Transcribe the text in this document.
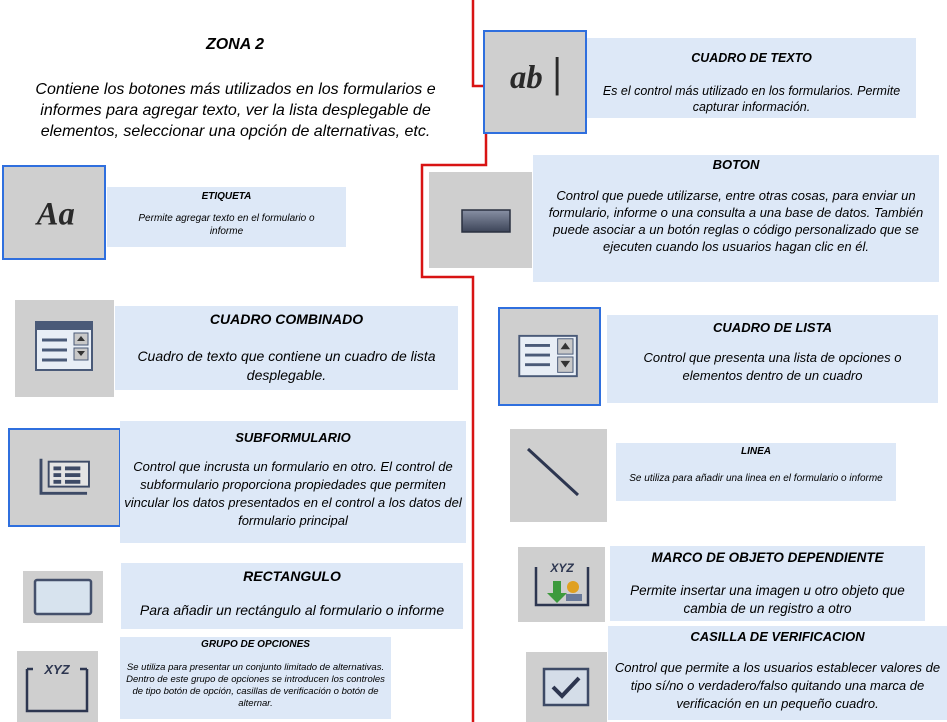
ZONA 2
Contiene los botones más utilizados en los formularios e informes para agregar texto, ver la lista desplegable de elementos, seleccionar una opción de alternativas, etc.
Aa	ETIQUETA
Permite agregar texto en el formulario o informe
CUADRO COMBINADO
Cuadro de texto que contiene un cuadro de lista desplegable.
SUBFORMULARIO
Control que incrusta un formulario en otro. El control de subformulario proporciona propiedades que permiten vincular los datos presentados en el control a los datos del formulario principal
RECTANGULO
Para añadir un rectángulo al formulario o informe
XYZ
GRUPO DE OPCIONES
Se utiliza para presentar un conjunto limitado de alternativas. Dentro de este grupo de opciones se introducen los controles de tipo botón de opción, casillas de verificación o botón de alternar.
ab
CUADRO DE TEXTO
Es el control más utilizado en los formularios. Permite capturar información.
BOTON
Control que puede utilizarse, entre otras cosas, para enviar un formulario, informe o una consulta a una base de datos. También puede asociar a un botón reglas o código personalizado que se ejecuten cuando los usuarios hagan clic en él.
CUADRO DE LISTA
Control que presenta una lista de opciones o elementos dentro de un cuadro
LINEA
Se utiliza para añadir una linea en el formulario o informe
XYZ
MARCO DE OBJETO DEPENDIENTE
Permite insertar una imagen u otro objeto que cambia de un registro a otro
CASILLA DE VERIFICACION
Control que permite a los usuarios establecer valores de tipo sí/no o verdadero/falso quitando una marca de verificación en un pequeño cuadro.
